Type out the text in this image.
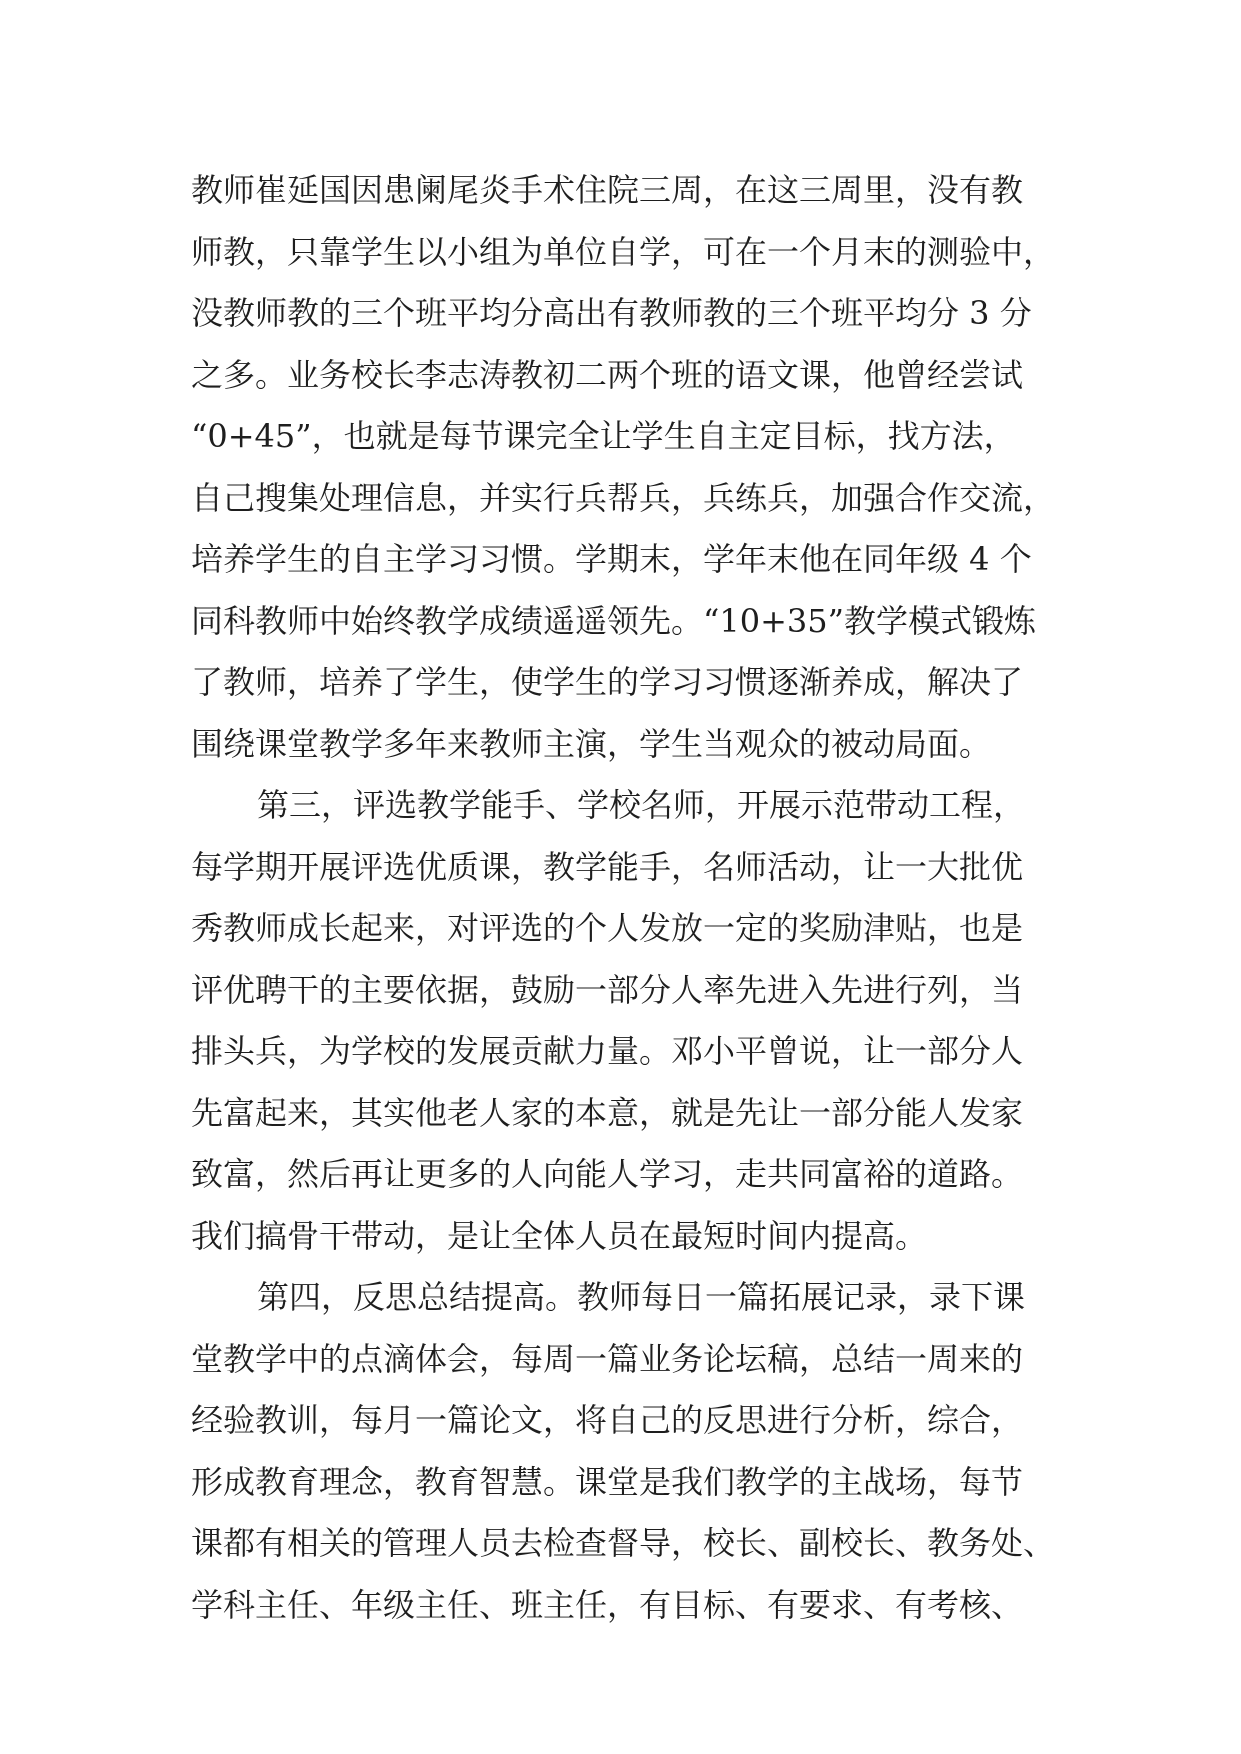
教师崔延国因患阑尾炎手术住院三周，在这三周里，没有教
师教，只靠学生以小组为单位自学，可在一个月末的测验中，
没教师教的三个班平均分高出有教师教的三个班平均分 3 分
之多。业务校长李志涛教初二两个班的语文课，他曾经尝试
“0+45”，也就是每节课完全让学生自主定目标，找方法，
自己搜集处理信息，并实行兵帮兵，兵练兵，加强合作交流，
培养学生的自主学习习惯。学期末，学年末他在同年级 4 个
同科教师中始终教学成绩遥遥领先。“10+35”教学模式锻炼
了教师，培养了学生，使学生的学习习惯逐渐养成，解决了
围绕课堂教学多年来教师主演，学生当观众的被动局面。
第三，评选教学能手、学校名师，开展示范带动工程，
每学期开展评选优质课，教学能手，名师活动，让一大批优
秀教师成长起来，对评选的个人发放一定的奖励津贴，也是
评优聘干的主要依据，鼓励一部分人率先进入先进行列，当
排头兵，为学校的发展贡献力量。邓小平曾说，让一部分人
先富起来，其实他老人家的本意，就是先让一部分能人发家
致富，然后再让更多的人向能人学习，走共同富裕的道路。
我们搞骨干带动，是让全体人员在最短时间内提高。
第四，反思总结提高。教师每日一篇拓展记录，录下课
堂教学中的点滴体会，每周一篇业务论坛稿，总结一周来的
经验教训，每月一篇论文，将自己的反思进行分析，综合，
形成教育理念，教育智慧。课堂是我们教学的主战场，每节
课都有相关的管理人员去检查督导，校长、副校长、教务处、
学科主任、年级主任、班主任，有目标、有要求、有考核、
